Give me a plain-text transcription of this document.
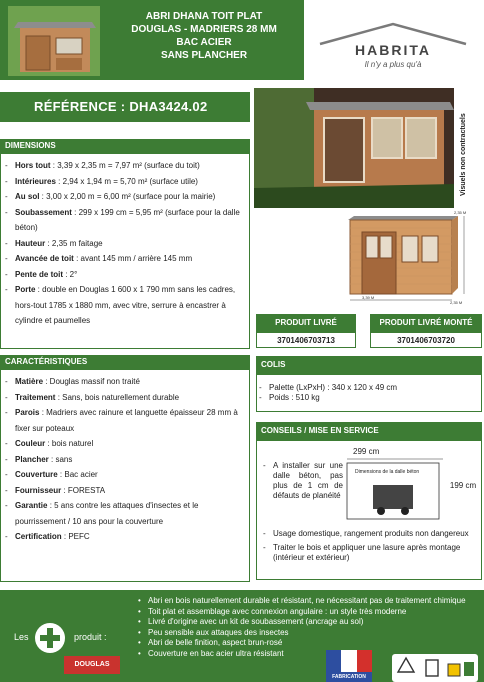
ABRI DHANA TOIT PLAT
DOUGLAS - MADRIERS 28 MM
BAC ACIER
SANS PLANCHER	HABRITA
Il n'y a plus qu'à
RÉFÉRENCE : DHA3424.02
Visuels non contractuels
3,39 M
2,35 M
2,35 M
DIMENSIONS
- Hors tout : 3,39 x 2,35 m = 7,97 m² (surface du toit)
- Intérieures : 2,94 x 1,94 m = 5,70 m² (surface utile)
- Au sol : 3,00 x 2,00 m = 6,00 m² (surface pour la mairie)
- Soubassement : 299 x 199 cm = 5,95 m² (surface pour la dalle béton)
- Hauteur : 2,35 m faitage
- Avancée de toit : avant 145 mm / arrière 145 mm
- Pente de toit : 2°
- Porte : double en Douglas 1 600 x 1 790 mm sans les cadres, hors-tout 1785 x 1880 mm, avec vitre, serrure à encastrer à cylindre et paumelles	PRODUIT LIVRÉ
3701406703713
PRODUIT LIVRÉ MONTÉ
3701406703720
CARACTÉRISTIQUES
- Matière : Douglas massif non traité
- Traitement : Sans, bois naturellement durable
- Parois : Madriers avec rainure et languette épaisseur 28 mm à fixer sur poteaux
- Couleur : bois naturel
- Plancher : sans
- Couverture : Bac acier
- Fournisseur : FORESTA
- Garantie : 5 ans contre les attaques d'insectes et le pourrissement / 10 ans pour la couverture
- Certification : PEFC
COLIS
- Palette (LxPxH) : 340 x 120 x 49 cm
- Poids : 510 kg
CONSEILS / MISE EN SERVICE
299 cm
Dimensions de la dalle béton
199 cm
- A installer sur une dalle béton, pas plus de 1 cm de défauts de planéité
- Usage domestique, rangement produits non dangereux
- Traiter le bois et appliquer une lasure après montage (intérieur et extérieur)
Les	produit :
DOUGLAS
• Abri en bois naturellement durable et résistant, ne nécessitant pas de traitement chimique
• Toit plat et assemblage avec connexion angulaire : un style très moderne
• Livré d'origine avec un kit de soubassement (ancrage au sol)
• Peu sensible aux attaques des insectes
• Abri de belle finition, aspect brun-rosé
• Couverture en bac acier ultra résistant
FABRICATION
